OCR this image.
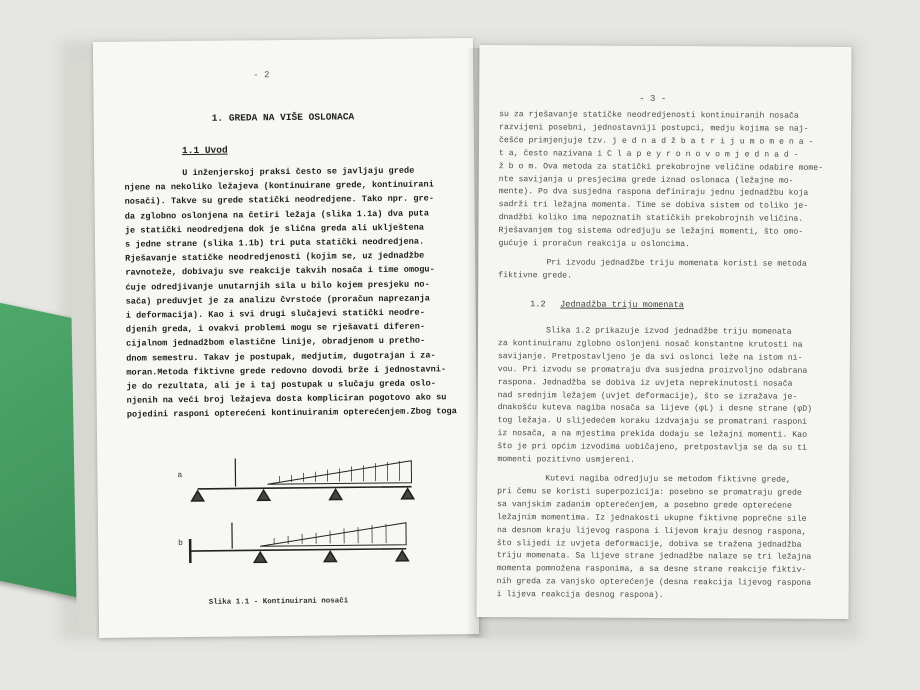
- 2
1. GREDA NA VIŠE OSLONACA
1.1 Uvod
U inženjerskoj praksi često se javljaju grede
njene na nekoliko ležajeva (kontinuirane grede, kontinuirani
nosači). Takve su grede statički neodredjene. Tako npr. gre-
da zglobno oslonjena na četiri ležaja (slika 1.1a) dva puta
je statički neodredjena dok je slična greda ali uklještena
s jedne strane (slika 1.1b) tri puta statički neodredjena.
Rješavanje statičke neodredjenosti (kojim se, uz jednadžbe
ravnoteže, dobivaju sve reakcije takvih nosača i time omogu-
ćuje odredjivanje unutarnjih sila u bilo kojem presjeku no-
sača) preduvjet je za analizu čvrstoće (proračun naprezanja
i deformacija). Kao i svi drugi slučajevi statički neodre-
djenih greda, i ovakvi problemi mogu se rješavati diferen-
cijalnom jednadžbom elastične linije, obradjenom u pretho-
dnom semestru. Takav je postupak, medjutim, dugotrajan i za-
moran.Metoda fiktivne grede redovno dovodi brže i jednostavni-
je do rezultata, ali je i taj postupak u slučaju greda oslo-
njenih na veći broj ležajeva dosta kompliciran pogotovo ako su
pojedini rasponi opterećeni kontinuiranim opterećenjem.Zbog toga
a
b
Slika 1.1 - Kontinuirani nosači
- 3 -
su za rješavanje statičke neodredjenosti kontinuiranih nosača
razvijeni posebni, jednostavniji postupci, medju kojima se naj-
češće primjenjuje tzv. j e d n a d ž b a t r i j u m o m e n a -
t a, često nazivana i C l a p e y r o n o v o m j e d n a d -
ž b o m. Ova metoda za statički prekobrojne veličine odabire mome-
nte savijanja u presjecima grede iznad oslonaca (ležajne mo-
mente). Po dva susjedna raspona definiraju jednu jednadžbu koja
sadrži tri ležajna momenta. Time se dobiva sistem od toliko je-
dnadžbi koliko ima nepoznatih statičkih prekobrojnih veličina.
Rješavanjem tog sistema odredjuju se ležajni momenti, što omo-
gućuje i proračun reakcija u osloncima.
Pri izvodu jednadžbe triju momenata koristi se metoda
fiktivne grede.
Slika 1.2 prikazuje izvod jednadžbe triju momenata
za kontinuiranu zglobno oslonjeni nosač konstantne krutosti na
savijanje. Pretpostavljeno je da svi oslonci leže na istom ni-
vou. Pri izvodu se promatraju dva susjedna proizvoljno odabrana
raspona. Jednadžba se dobiva iz uvjeta neprekinutosti nosača
nad srednjim ležajem (uvjet deformacije), što se izražava je-
dnakošću kuteva nagiba nosača sa lijeve (φL) i desne strane (φD)
tog ležaja. U slijedećem koraku izdvajaju se promatrani rasponi
iz nosača, a na mjestima prekida dodaju se ležajni momenti. Kao
što je pri općim izvodima uobičajeno, pretpostavlja se da su ti
momenti pozitivno usmjereni.
Kutevi nagiba odredjuju se metodom fiktivne grede,
pri čemu se koristi superpozicija: posebno se promatraju grede
sa vanjskim zadanim opterećenjem, a posebno grede opterećene
ležajnim momentima. Iz jednakosti ukupne fiktivne poprečne sile
na desnom kraju lijevog raspona i lijevom kraju desnog raspona,
što slijedi iz uvjeta deformacije, dobiva se tražena jednadžba
triju momenata. Sa lijeve strane jednadžbe nalaze se tri ležajna
momenta pomnožena rasponima, a sa desne strane reakcije fiktiv-
nih greda za vanjsko opterećenje (desna reakcija lijevog raspona
i lijeva reakcija desnog raspona).
1.2 Jednadžba triju momenata
